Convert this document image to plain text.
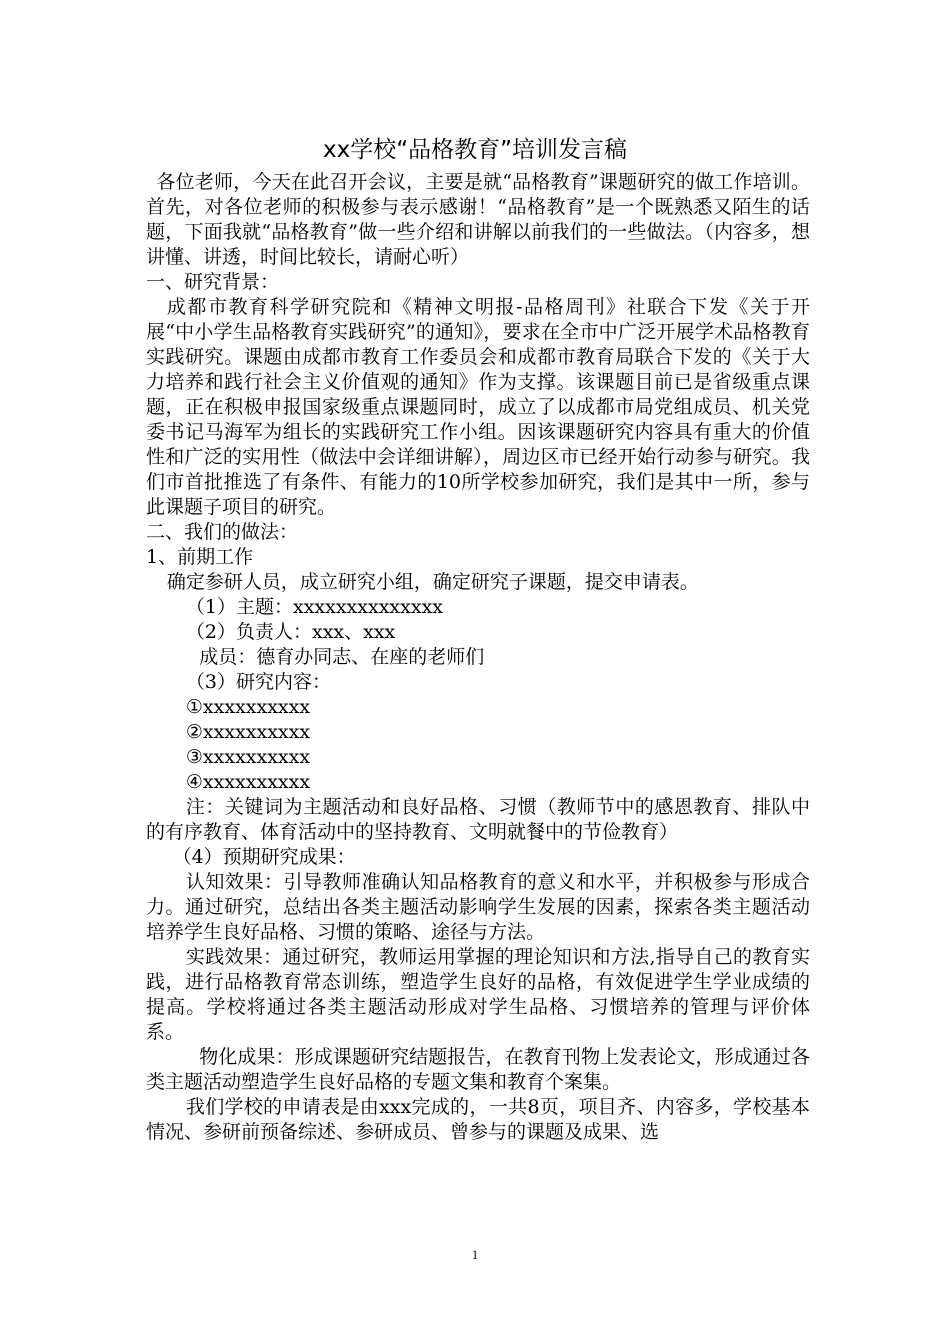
xx学校“品格教育”培训发言稿

各位老师，今天在此召开会议，主要是就“品格教育”课题研究的做工作培训。首先，对各位老师的积极参与表示感谢！“品格教育”是一个既熟悉又陌生的话题，下面我就“品格教育”做一些介绍和讲解以前我们的一些做法。（内容多，想讲懂、讲透，时间比较长，请耐心听）

一、研究背景：

成都市教育科学研究院和《精神文明报-品格周刊》社联合下发《关于开展“中小学生品格教育实践研究”的通知》，要求在全市中广泛开展学术品格教育实践研究。课题由成都市教育工作委员会和成都市教育局联合下发的《关于大力培养和践行社会主义价值观的通知》作为支撑。该课题目前已是省级重点课题，正在积极申报国家级重点课题同时，成立了以成都市局党组成员、机关党委书记马海军为组长的实践研究工作小组。因该课题研究内容具有重大的价值性和广泛的实用性（做法中会详细讲解），周边区市已经开始行动参与研究。我们市首批推选了有条件、有能力的10所学校参加研究，我们是其中一所，参与此课题子项目的研究。

二、我们的做法：

1、前期工作

确定参研人员，成立研究小组，确定研究子课题，提交申请表。

（1）主题：xxxxxxxxxxxxxx

（2）负责人：xxx、xxx

成员：德育办同志、在座的老师们

（3）研究内容：

①xxxxxxxxxx

②xxxxxxxxxx

③xxxxxxxxxx

④xxxxxxxxxx

注：关键词为主题活动和良好品格、习惯（教师节中的感恩教育、排队中的有序教育、体育活动中的坚持教育、文明就餐中的节俭教育）

（4）预期研究成果：

认知效果：引导教师准确认知品格教育的意义和水平，并积极参与形成合力。通过研究，总结出各类主题活动影响学生发展的因素，探索各类主题活动培养学生良好品格、习惯的策略、途径与方法。

实践效果：通过研究，教师运用掌握的理论知识和方法,指导自己的教育实践，进行品格教育常态训练，塑造学生良好的品格，有效促进学生学业成绩的提高。学校将通过各类主题活动形成对学生品格、习惯培养的管理与评价体系。

物化成果：形成课题研究结题报告，在教育刊物上发表论文，形成通过各类主题活动塑造学生良好品格的专题文集和教育个案集。

我们学校的申请表是由xxx完成的，一共8页，项目齐、内容多，学校基本情况、参研前预备综述、参研成员、曾参与的课题及成果、选

1
